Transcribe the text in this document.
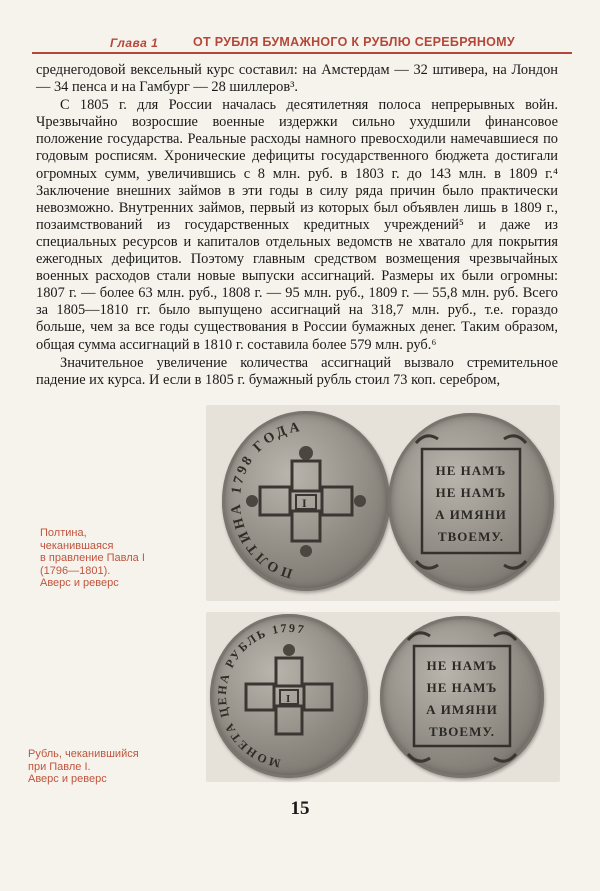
Глава 1	ОТ РУБЛЯ БУМАЖНОГО К РУБЛЮ СЕРЕБРЯНОМУ

среднегодовой вексельный курс составил: на Амстердам — 32 штивера, на Лондон — 34 пенса и на Гамбург — 28 шиллеров³.

С 1805 г. для России началась десятилетняя полоса непрерывных войн. Чрезвычайно возросшие военные издержки сильно ухудшили финансовое положение государства. Реальные расходы намного превосходили намечавшиеся по годовым росписям. Хронические дефициты государственного бюджета достигали огромных сумм, увеличившись с 8 млн. руб. в 1803 г. до 143 млн. в 1809 г.⁴ Заключение внешних займов в эти годы в силу ряда причин было практически невозможно. Внутренних займов, первый из которых был объявлен лишь в 1809 г., позаимствований из государственных кредитных учреждений⁵ и даже из специальных ресурсов и капиталов отдельных ведомств не хватало для покрытия ежегодных дефицитов. Поэтому главным средством возмещения чрезвычайных военных расходов стали новые выпуски ассигнаций. Размеры их были огромны: 1807 г. — более 63 млн. руб., 1808 г. — 95 млн. руб., 1809 г. — 55,8 млн. руб. Всего за 1805—1810 гг. было выпущено ассигнаций на 318,7 млн. руб., т.е. гораздо больше, чем за все годы существования в России бумажных денег. Таким образом, общая сумма ассигнаций в 1810 г. составила более 579 млн. руб.⁶

Значительное увеличение количества ассигнаций вызвало стремительное падение их курса. И если в 1805 г. бумажный рубль стоил 73 коп. серебром,

ПОЛТИНА 1798 ГОДА
I
НЕ НАМЪ
НЕ НАМЪ
А ИМЯНИ
ТВОЕМУ.
Полтина,
чеканившаяся
в правление Павла I
(1796—1801).
Аверс и реверс
МОНЕТА ЦЕНА РУБЛЬ 1797
I
НЕ НАМЪ
НЕ НАМЪ
А ИМЯНИ
ТВОЕМУ.
Рубль, чеканившийся
при Павле I.
Аверс и реверс
15
